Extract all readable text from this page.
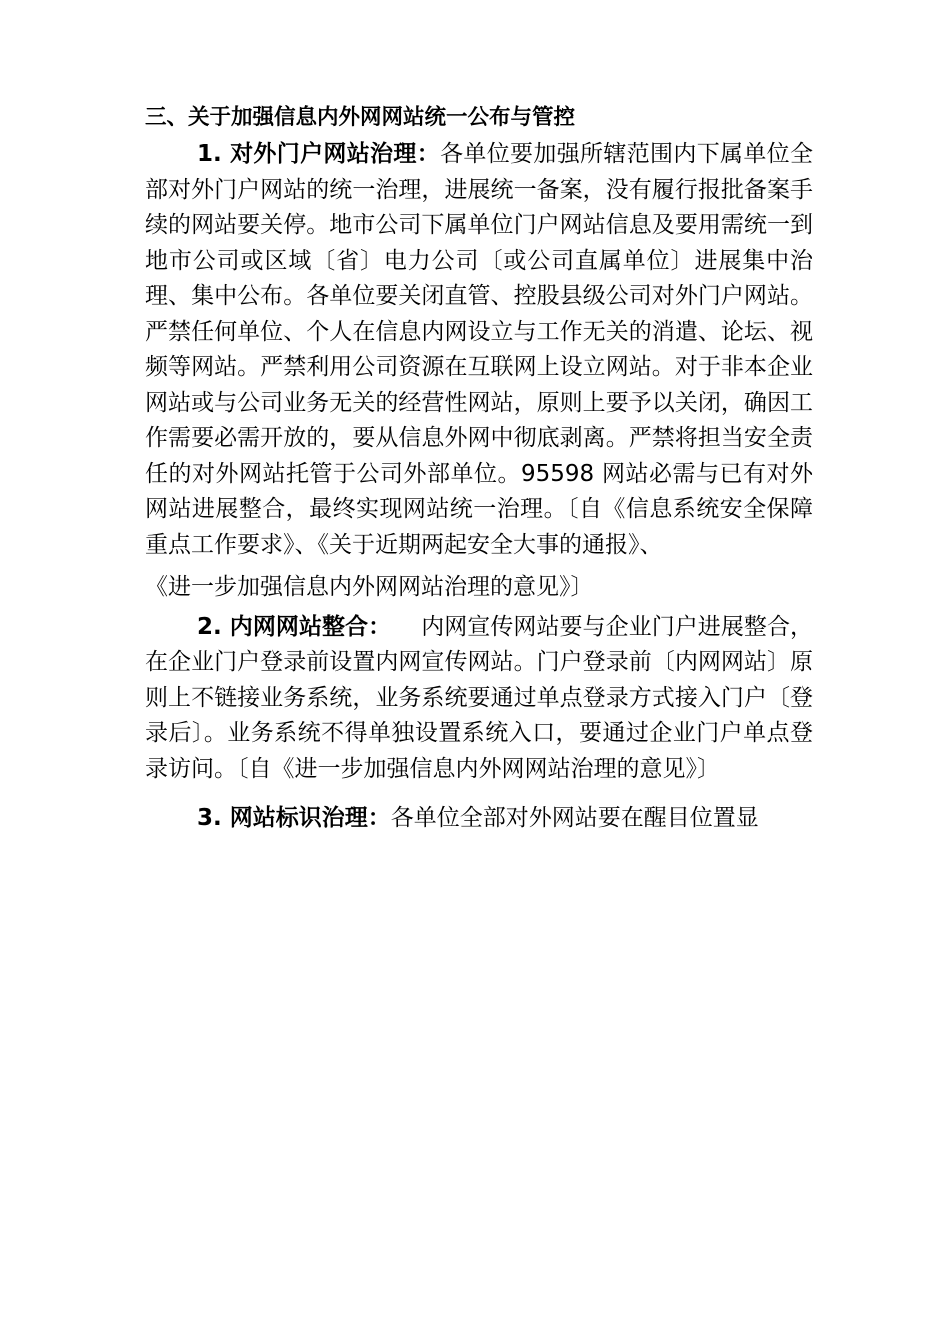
三、关于加强信息内外网网站统一公布与管控

1. 对外门户网站治理：各单位要加强所辖范围内下属单位全部对外门户网站的统一治理，进展统一备案，没有履行报批备案手续的网站要关停。地市公司下属单位门户网站信息及要用需统一到地市公司或区域〔省〕电力公司〔或公司直属单位〕进展集中治理、集中公布。各单位要关闭直管、控股县级公司对外门户网站。严禁任何单位、个人在信息内网设立与工作无关的消遣、论坛、视频等网站。严禁利用公司资源在互联网上设立网站。对于非本企业网站或与公司业务无关的经营性网站，原则上要予以关闭，确因工作需要必需开放的，要从信息外网中彻底剥离。严禁将担当安全责任的对外网站托管于公司外部单位。95598 网站必需与已有对外网站进展整合，最终实现网站统一治理。〔自《信息系统安全保障重点工作要求》、《关于近期两起安全大事的通报》、

《进一步加强信息内外网网站治理的意见》〕

2. 内网网站整合： 内网宣传网站要与企业门户进展整合，在企业门户登录前设置内网宣传网站。门户登录前〔内网网站〕原则上不链接业务系统，业务系统要通过单点登录方式接入门户〔登录后〕。业务系统不得单独设置系统入口，要通过企业门户单点登录访问。〔自《进一步加强信息内外网网站治理的意见》〕

3. 网站标识治理：各单位全部对外网站要在醒目位置显
